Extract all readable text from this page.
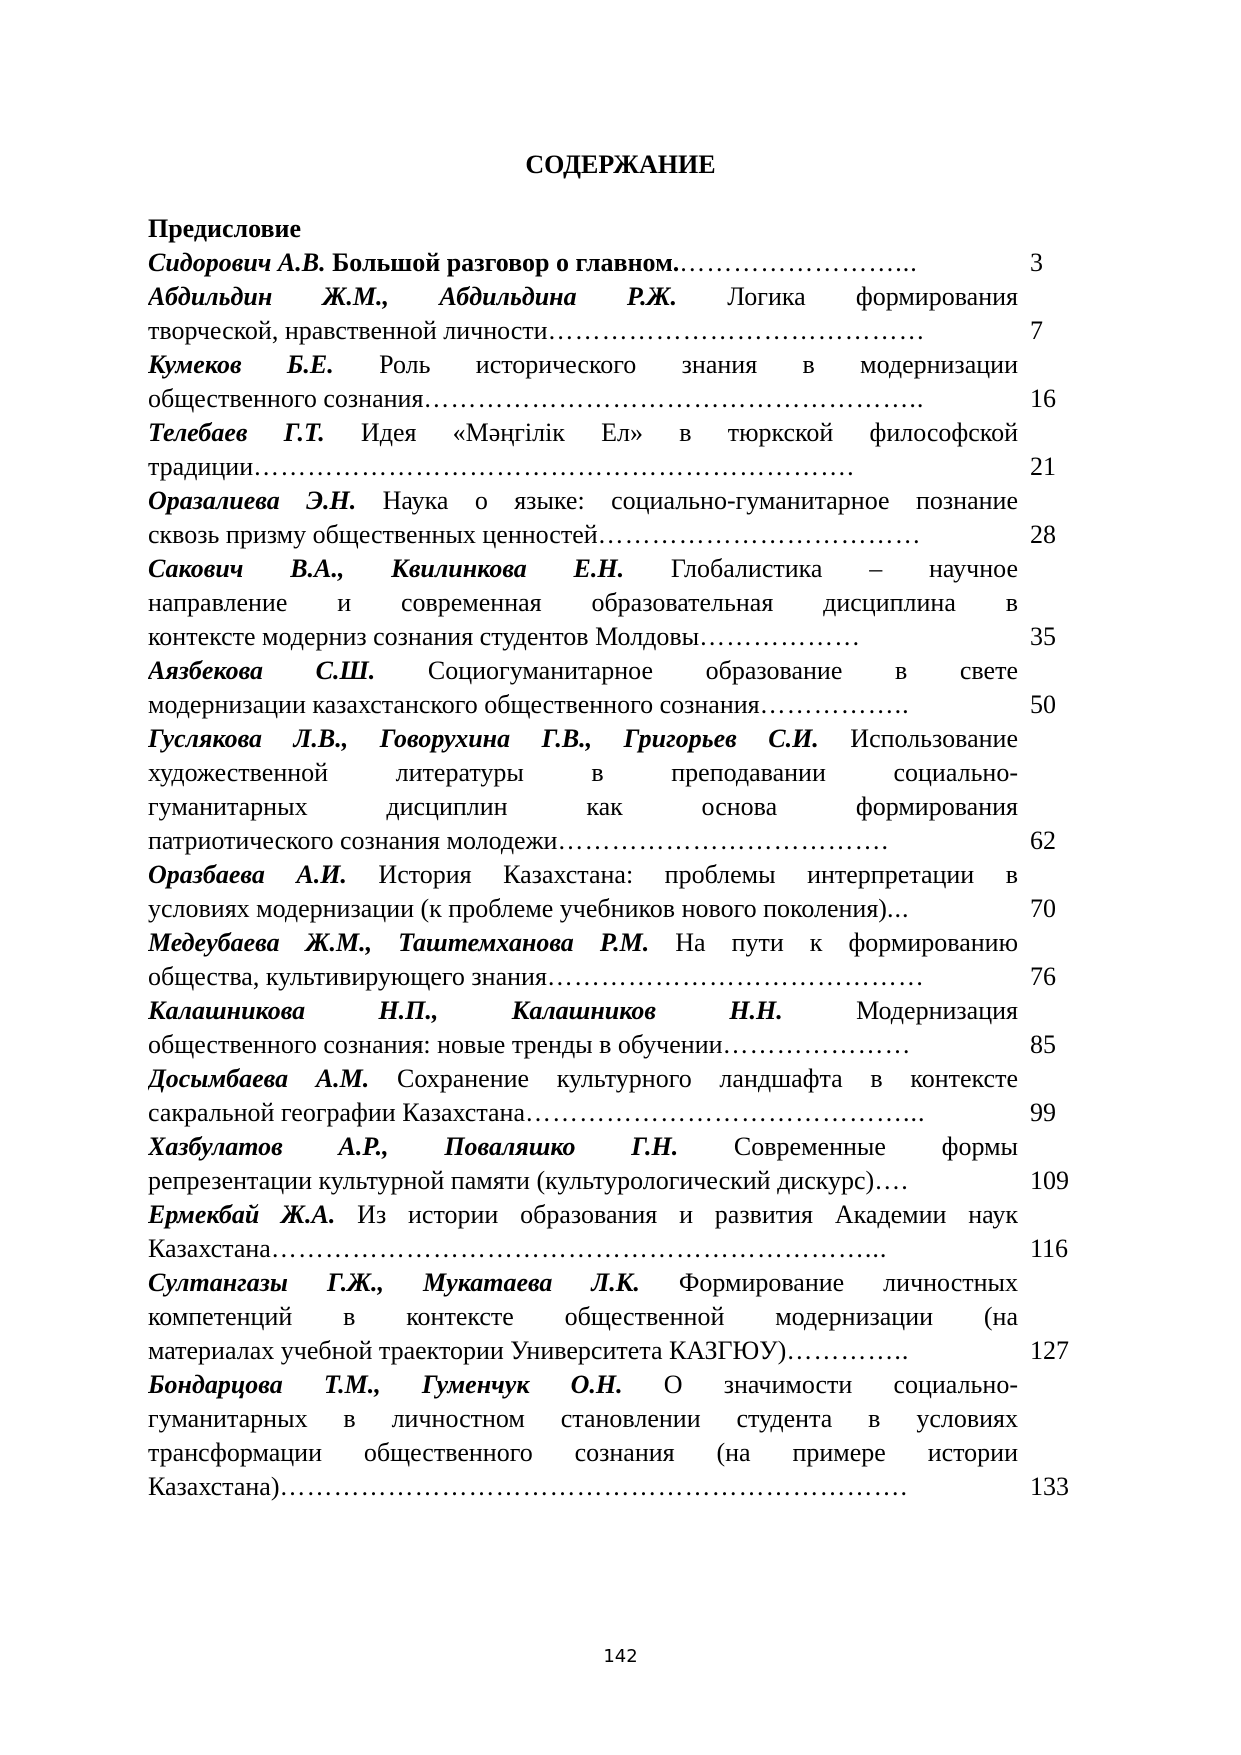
СОДЕРЖАНИЕ
Предисловие
Сидорович А.В. Большой разговор о главном.……………………...	3
Абдильдин Ж.М., Абдильдина Р.Ж. Логика формирования
творческой, нравственной личности……………………………………	7
Кумеков Б.Е. Роль исторического знания в модернизации
общественного сознания………………………………………………..	16
Телебаев Г.Т. Идея «Мәңгілік Ел» в тюркской философской
традиции………………………………………………………….	21
Оразалиева Э.Н. Наука о языке: социально-гуманитарное познание
сквозь призму общественных ценностей………………………………	28
Сакович В.А., Квилинкова Е.Н. Глобалистика – научное
направление и современная образовательная дисциплина в
контексте модерниз сознания студентов Молдовы………………	35
Аязбекова С.Ш. Социогуманитарное образование в свете
модернизации казахстанского общественного сознания……………..	50
Гуслякова Л.В., Говорухина Г.В., Григорьев С.И. Использование
художественной литературы в преподавании социально-
гуманитарных дисциплин как основа формирования
патриотического сознания молодежи……………………………….	62
Оразбаева А.И. История Казахстана: проблемы интерпретации в
условиях модернизации (к проблеме учебников нового поколения)...	70
Медеубаева Ж.М., Таштемханова Р.М. На пути к формированию
общества, культивирующего знания……………………………………	76
Калашникова Н.П., Калашников Н.Н. Модернизация
общественного сознания: новые тренды в обучении…………………	85
Досымбаева А.М. Сохранение культурного ландшафта в контексте
сакральной географии Казахстана……………………………………...	99
Хазбулатов А.Р., Поваляшко Г.Н. Современные формы
репрезентации культурной памяти (культурологический дискурс)….	109
Ермекбай Ж.А. Из истории образования и развития Академии наук
Казахстана…………………………………………………………...	116
Султангазы Г.Ж., Мукатаева Л.К. Формирование личностных
компетенций в контексте общественной модернизации (на
материалах учебной траектории Университета КАЗГЮУ)…………..	127
Бондарцова Т.М., Гуменчук О.Н. О значимости социально-
гуманитарных в личностном становлении студента в условиях
трансформации общественного сознания (на примере истории
Казахстана)…………………………………………………………….	133
142
